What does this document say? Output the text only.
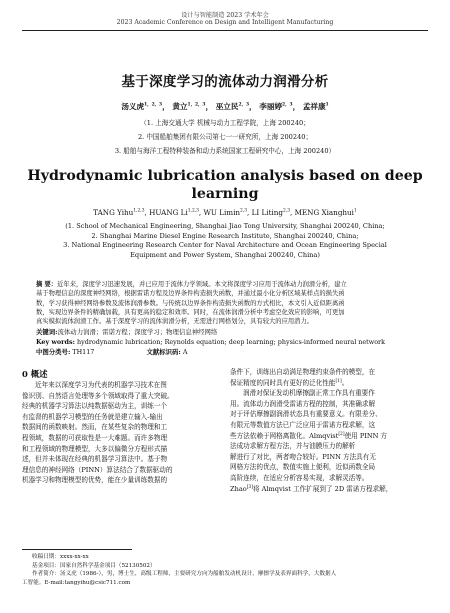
设计与智能制造 2023 学术年会
2023 Academic Conference on Design and Intelligent Manufacturing
基于深度学习的流体动力润滑分析
汤义虎$^{1,2,3}$， 黄立$^{1,2,3}$， 巫立民$^{2,3}$， 李丽婷$^{2,3}$， 孟祥康$^1$
（1. 上海交通大学 机械与动力工程学院，上海 200240；
2. 中国船舶集团有限公司第七一一研究所，上海 200240；
3. 船舶与海洋工程特种装备和动力系统国家工程研究中心，上海 200240）
Hydrodynamic lubrication analysis based on deep
learning
TANG Yihu$^{1,2,3}$, HUANG Li$^{1,2,3}$, WU Limin$^{2,3}$, LI Liting$^{2,3}$, MENG Xianghui$^1$
(1. School of Mechanical Engineering, Shanghai Jiao Tong University, Shanghai 200240, China;
2. Shanghai Marine Diesel Engine Research Institute, Shanghai 200240, China;
3. National Engineering Research Center for Naval Architecture and Ocean Engineering Special
Equipment and Power System, Shanghai 200240, China)
摘 要：近年来，深度学习迅速发展，并已应用于流体力学领域。本文将深度学习应用于流体动力润滑分析，建立
基于物理信息的深度神经网络，根据雷诺方程及边界条件构造损失函数，并通过最小化分析区域某样点的损失函
数，学习获得神经网络参数及流体润滑参数。与传统以边界条件构造损失函数的方式相比，本文引入近似距离函
数，实现边界条件的精确加载，具有更高的稳定和效率。同时，在流体润滑分析中考虑空化效应的影响，可更加
真实模拟流体润滑工作。基于深度学习的流体润滑分析，无需进行网格划分，具有较大的应用潜力。
关键词:流体动力润滑；雷诺方程；深度学习；物理信息神经网络
Key words: hydrodynamic lubrication; Reynolds equation; deep learning; physics-informed neural network
中图分类号: TH117	文献标识码: A
0 概述
近年来以深度学习为代表的机器学习技术在图
像识别、自然语言处理等多个领域取得了重大突破。
经典的机器学习算法以纯数据驱动为主，训练一个
有监督的机器学习模型的任务就是建立输入-输出
数据间的函数映射。然而，在某些复杂的物理和工
程领域，数据的可获取性是一大难题。而许多物理
和工程领域的物理模型，大多以偏微分方程形式描
述，但并未体现在经典的机器学习算法中。基于物
理信息的神经网络（PINN）算法结合了数据驱动的
机器学习和物理模型的优势，能在少量训练数据的
条件下，训练出自动满足物理约束条件的模型，在
保证精度的同时具有更好的泛化性能[1]。
润滑对保证发动机摩擦副正常工作具有重要作
用。流体动力润滑受雷诺方程的控制，其准确求解
对于评估摩擦副润滑状态具有重要意义。有限差分、
有限元等数值方法已广泛应用于雷诺方程求解，这
些方法依赖于网格离散化。Almqvist[2]使用 PINN 方
法成功求解方程方法，并与油膜压力的解析
解进行了对比，两者吻合较好。PINN 方法具有无
网格方法的优点，数值实施上便利，近似函数全局
高阶连续，在适应分析容易实现，求解灵活等。
Zhao[3]将 Almqvist 工作扩展到了 2D 雷诺方程求解，
收稿日期：xxxx-xx-xx
基金项目：国家自然科学基金项目（52130502）
作者简介：汤义虎（1986-），男，博士生，高级工程师，主要研究方向为船舶发动机设计，摩擦学及表界面科学，大数据人
工智能。E-mail:tangyihu@csic711.com
